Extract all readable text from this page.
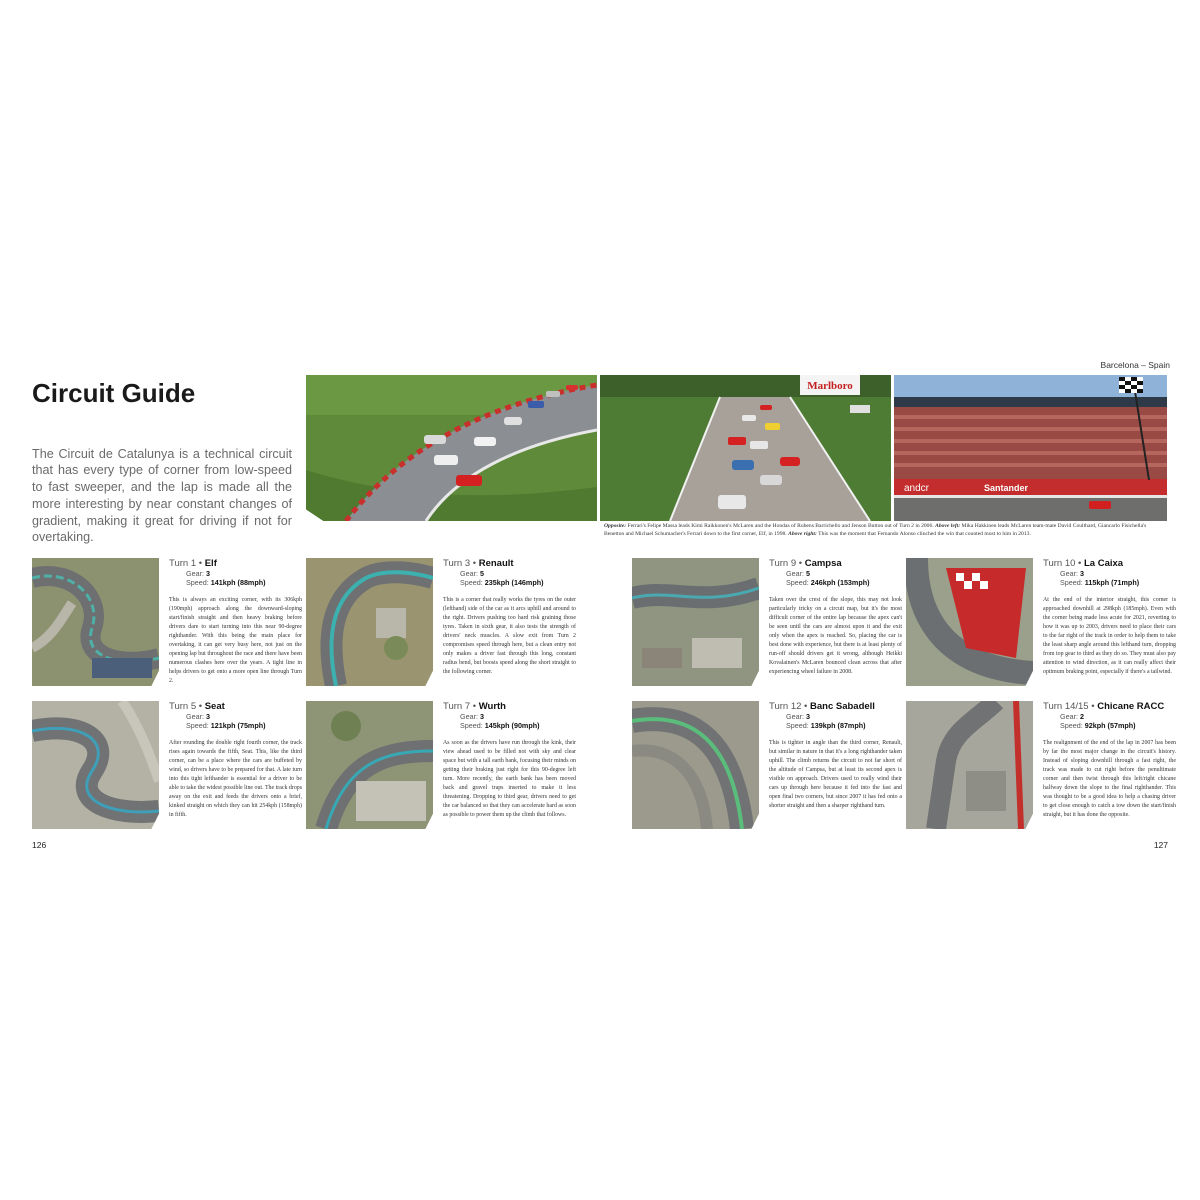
Circuit Guide

The Circuit de Catalunya is a technical circuit that has every type of corner from low-speed to fast sweeper, and the lap is made all the more interesting by near constant changes of gradient, making it great for driving if not for overtaking.

Barcelona – Spain
Marlboro
andcr	Santander
Opposite: Ferrari's Felipe Massa leads Kimi Raikkonen's McLaren and the Hondas of Rubens Barrichello and Jenson Button out of Turn 2 in 2006. Above left: Mika Hakkinen leads McLaren team-mate David Coulthard, Giancarlo Fisichella's Benetton and Michael Schumacher's Ferrari down to the first corner, Elf, in 1998. Above right: This was the moment that Fernando Alonso clinched the win that counted most to him in 2013.
Turn 1 • Elf
Gear: 3
Speed: 141kph (88mph)
This is always an exciting corner, with its 306kph (190mph) approach along the downward-sloping start/finish straight and then heavy braking before drivers dare to start turning into this near 90-degree righthander. With this being the main place for overtaking, it can get very busy here, not just on the opening lap but throughout the race and there have been numerous clashes here over the years. A tight line in helps drivers to get onto a more open line through Turn 2.
Turn 3 • Renault
Gear: 5
Speed: 235kph (146mph)
This is a corner that really works the tyres on the outer (lefthand) side of the car as it arcs uphill and around to the right. Drivers pushing too hard risk graining those tyres. Taken in sixth gear, it also tests the strength of drivers' neck muscles. A slow exit from Turn 2 compromises speed through here, but a clean entry not only makes a driver fast through this long, constant radius bend, but boosts speed along the short straight to the following corner.
Turn 9 • Campsa
Gear: 5
Speed: 246kph (153mph)
Taken over the crest of the slope, this may not look particularly tricky on a circuit map, but it's the most difficult corner of the entire lap because the apex can't be seen until the cars are almost upon it and the exit only when the apex is reached. So, placing the car is best done with experience, but there is at least plenty of run-off should drivers get it wrong, although Heikki Kovalainen's McLaren bounced clean across that after experiencing wheel failure in 2008.
Turn 10 • La Caixa
Gear: 3
Speed: 115kph (71mph)
At the end of the interior straight, this corner is approached downhill at 298kph (185mph). Even with the corner being made less acute for 2021, reverting to how it was up to 2003, drivers need to place their cars to the far right of the track in order to help them to take the least sharp angle around this lefthand turn, dropping from top gear to third as they do so. They must also pay attention to wind direction, as it can really affect their optimum braking point, especially if there's a tailwind.
Turn 5 • Seat
Gear: 3
Speed: 121kph (75mph)
After rounding the double right fourth corner, the track rises again towards the fifth, Seat. This, like the third corner, can be a place where the cars are buffeted by wind, so drivers have to be prepared for that. A late turn into this tight lefthander is essential for a driver to be able to take the widest possible line out. The track drops away on the exit and feeds the drivers onto a brief, kinked straight on which they can hit 254kph (158mph) in fifth.
Turn 7 • Wurth
Gear: 3
Speed: 145kph (90mph)
As soon as the drivers have run through the kink, their view ahead used to be filled not with sky and clear space but with a tall earth bank, focusing their minds on getting their braking just right for this 90-degree left turn. More recently, the earth bank has been moved back and gravel traps inserted to make it less threatening. Dropping to third gear, drivers need to get the car balanced so that they can accelerate hard as soon as possible to power them up the climb that follows.
Turn 12 • Banc Sabadell
Gear: 3
Speed: 139kph (87mph)
This is tighter in angle than the third corner, Renault, but similar in nature in that it's a long righthander taken uphill. The climb returns the circuit to not far short of the altitude of Campsa, but at least its second apex is visible on approach. Drivers used to really wind their cars up through here because it fed into the fast and open final two corners, but since 2007 it has fed onto a shorter straight and then a sharper righthand turn.
Turn 14/15 • Chicane RACC
Gear: 2
Speed: 92kph (57mph)
The realignment of the end of the lap in 2007 has been by far the most major change in the circuit's history. Instead of sloping downhill through a fast right, the track was made to cut right before the penultimate corner and then twist through this left/right chicane halfway down the slope to the final righthander. This was thought to be a good idea to help a chasing driver to get close enough to catch a tow down the start/finish straight, but it has done the opposite.
126	127
